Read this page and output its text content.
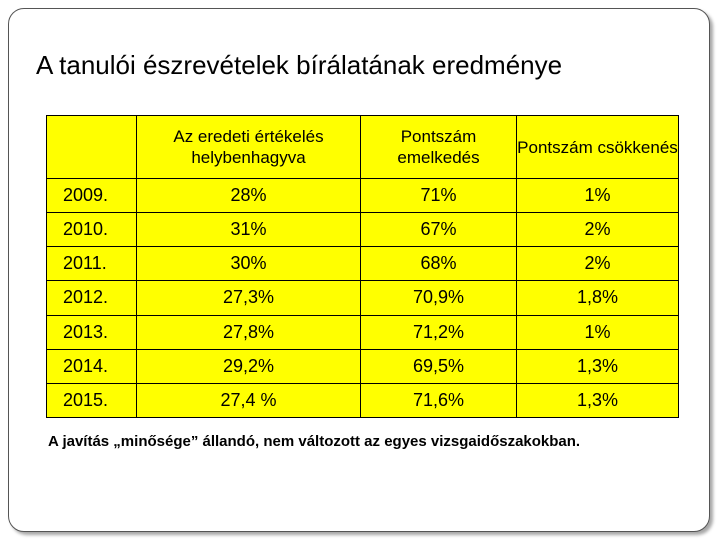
A tanulói észrevételek bírálatának eredménye
	Az eredeti értékelés helybenhagyva	Pontszám emelkedés	Pontszám csökkenés
2009.	28%	71%	1%
2010.	31%	67%	2%
2011.	30%	68%	2%
2012.	27,3%	70,9%	1,8%
2013.	27,8%	71,2%	1%
2014.	29,2%	69,5%	1,3%
2015.	27,4 %	71,6%	1,3%
A javítás „minősége” állandó, nem változott az egyes vizsgaidőszakokban.
